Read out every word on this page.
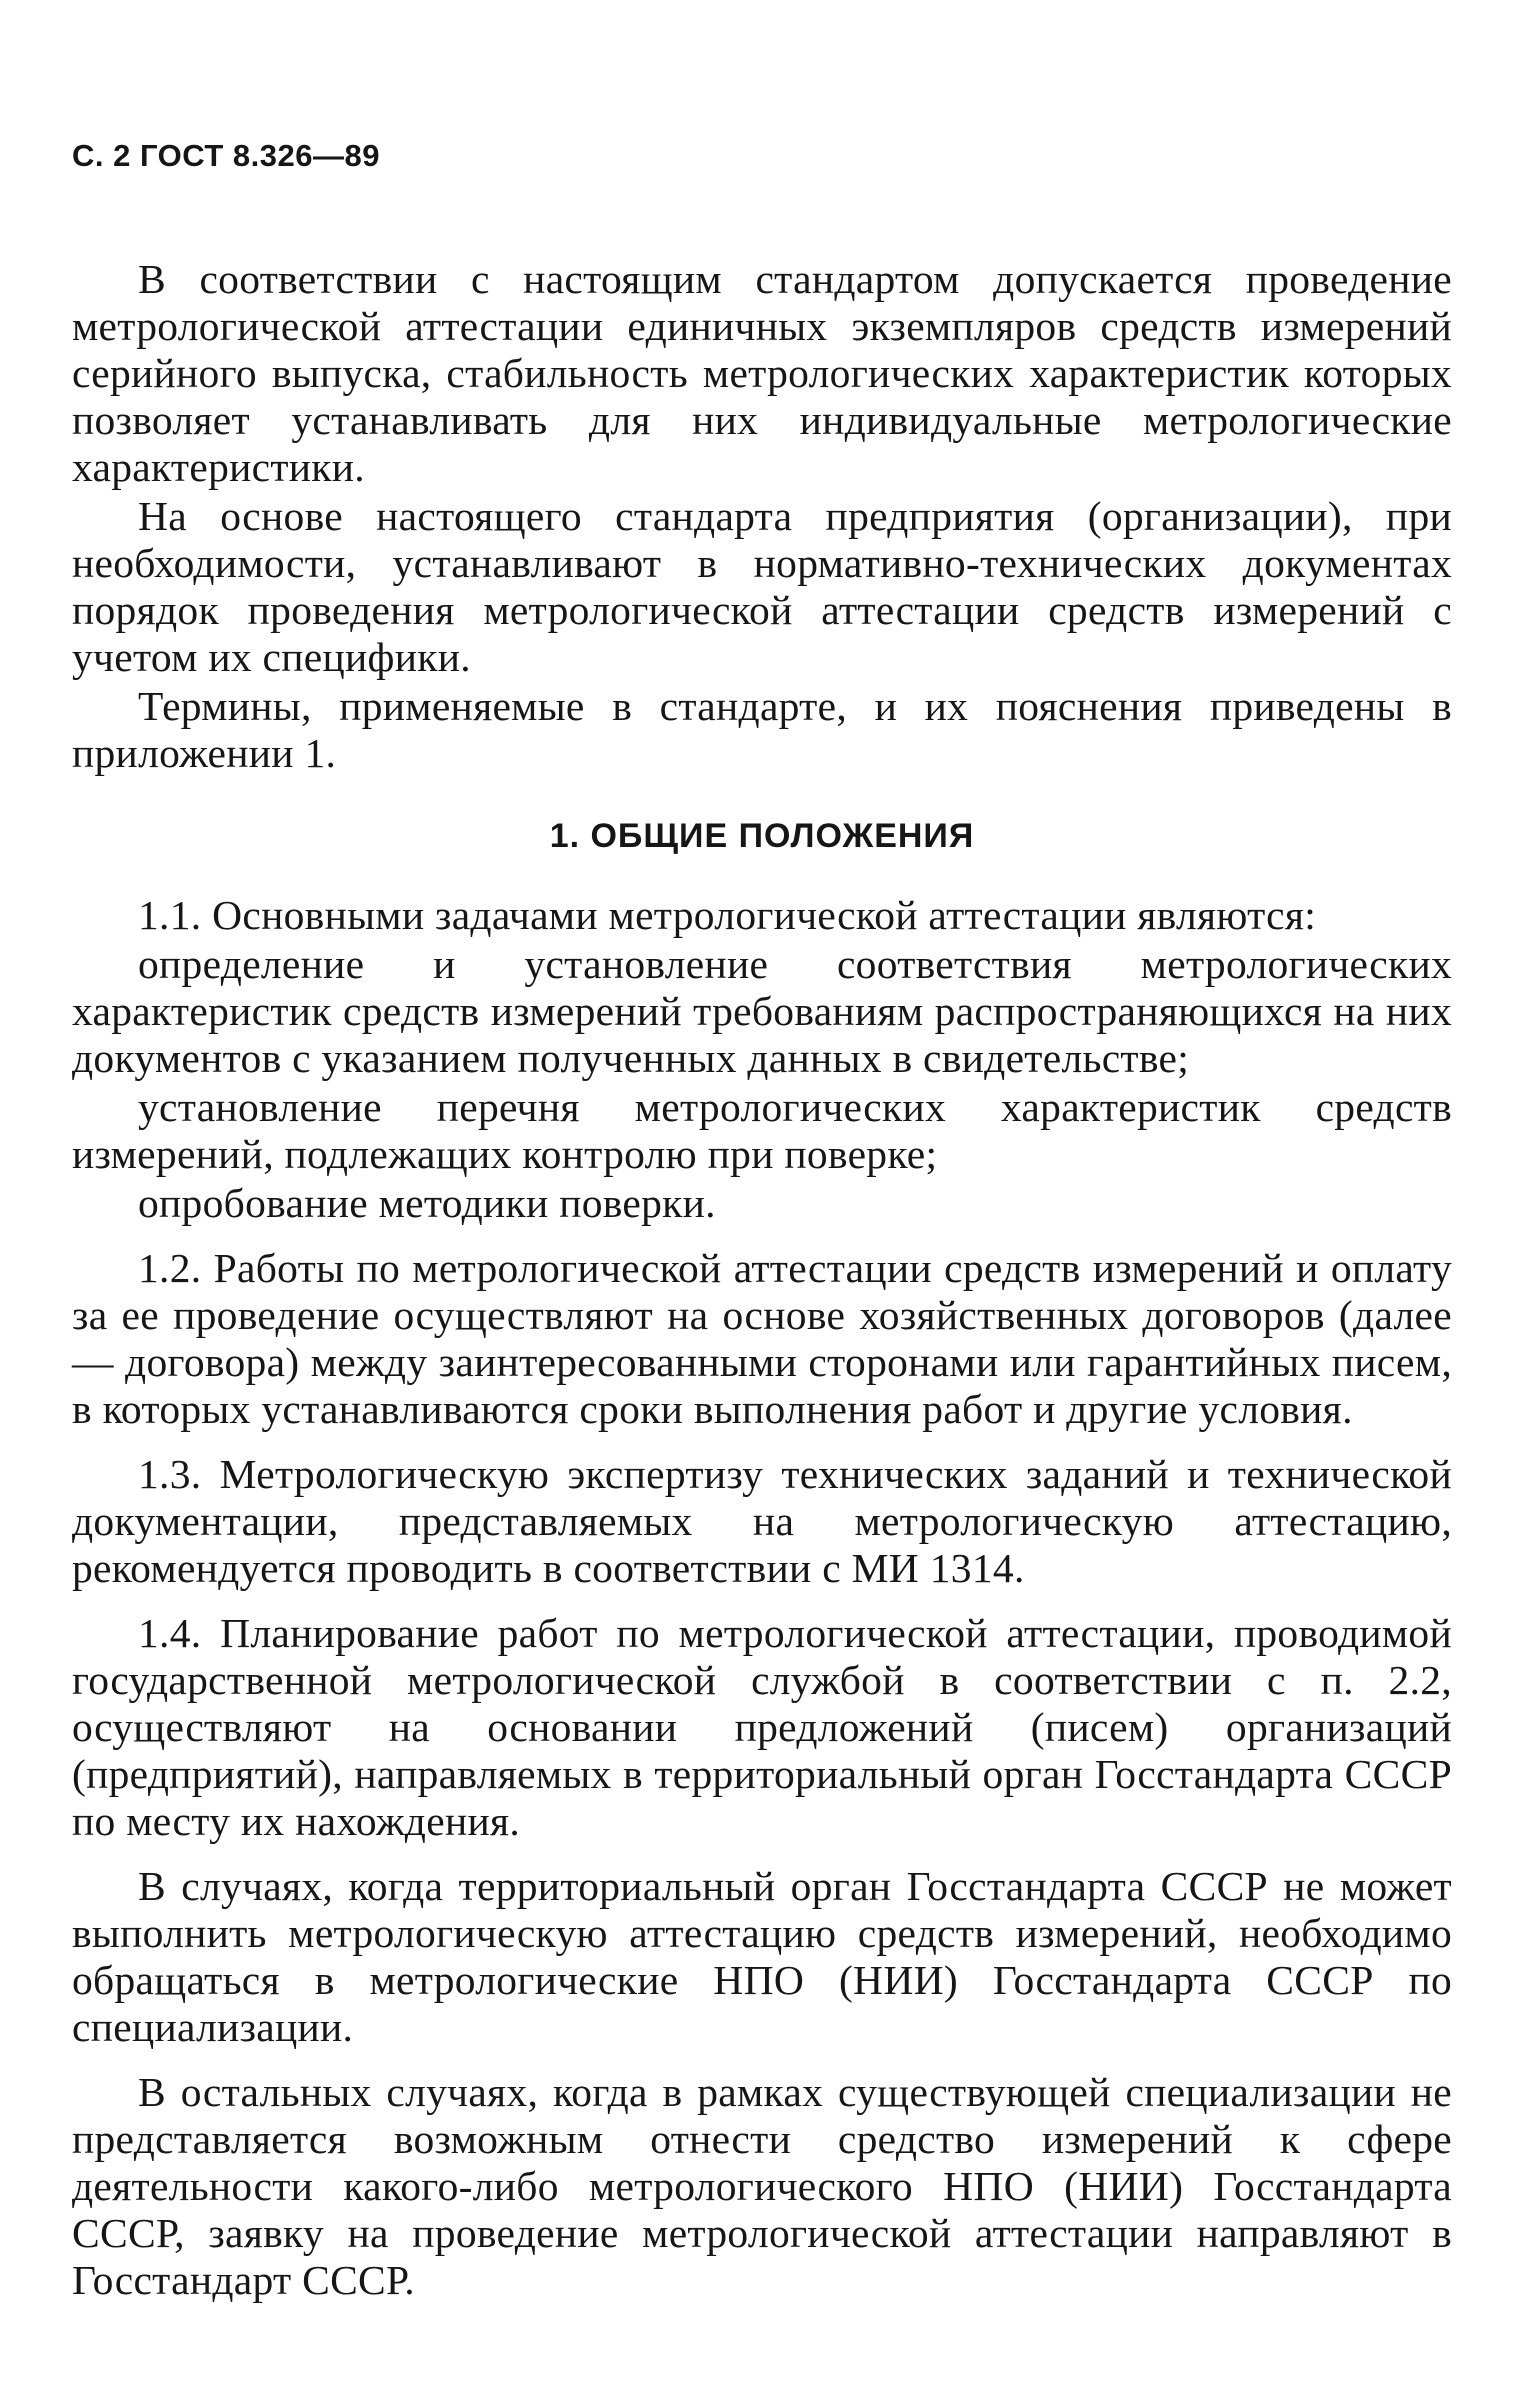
С. 2 ГОСТ 8.326—89

В соответствии с настоящим стандартом допускается проведение метрологической аттестации единичных экземпляров средств измерений серийного выпуска, стабильность метрологических характеристик которых позволяет устанавливать для них индивидуальные метрологические характеристики.

На основе настоящего стандарта предприятия (организации), при необходимости, устанавливают в нормативно-технических документах порядок проведения метрологической аттестации средств измерений с учетом их специфики.

Термины, применяемые в стандарте, и их пояснения приведены в приложении 1.

1. ОБЩИЕ ПОЛОЖЕНИЯ

1.1. Основными задачами метрологической аттестации являются:

определение и установление соответствия метрологических характеристик средств измерений требованиям распространяющихся на них документов с указанием полученных данных в свидетельстве;

установление перечня метрологических характеристик средств измерений, подлежащих контролю при поверке;

опробование методики поверки.

1.2. Работы по метрологической аттестации средств измерений и оплату за ее проведение осуществляют на основе хозяйственных договоров (далее — договора) между заинтересованными сторонами или гарантийных писем, в которых устанавливаются сроки выполнения работ и другие условия.

1.3. Метрологическую экспертизу технических заданий и технической документации, представляемых на метрологическую аттестацию, рекомендуется проводить в соответствии с МИ 1314.

1.4. Планирование работ по метрологической аттестации, проводимой государственной метрологической службой в соответствии с п. 2.2, осуществляют на основании предложений (писем) организаций (предприятий), направляемых в территориальный орган Госстандарта СССР по месту их нахождения.

В случаях, когда территориальный орган Госстандарта СССР не может выполнить метрологическую аттестацию средств измерений, необходимо обращаться в метрологические НПО (НИИ) Госстандарта СССР по специализации.

В остальных случаях, когда в рамках существующей специализации не представляется возможным отнести средство измерений к сфере деятельности какого-либо метрологического НПО (НИИ) Госстандарта СССР, заявку на проведение метрологической аттестации направляют в Госстандарт СССР.
